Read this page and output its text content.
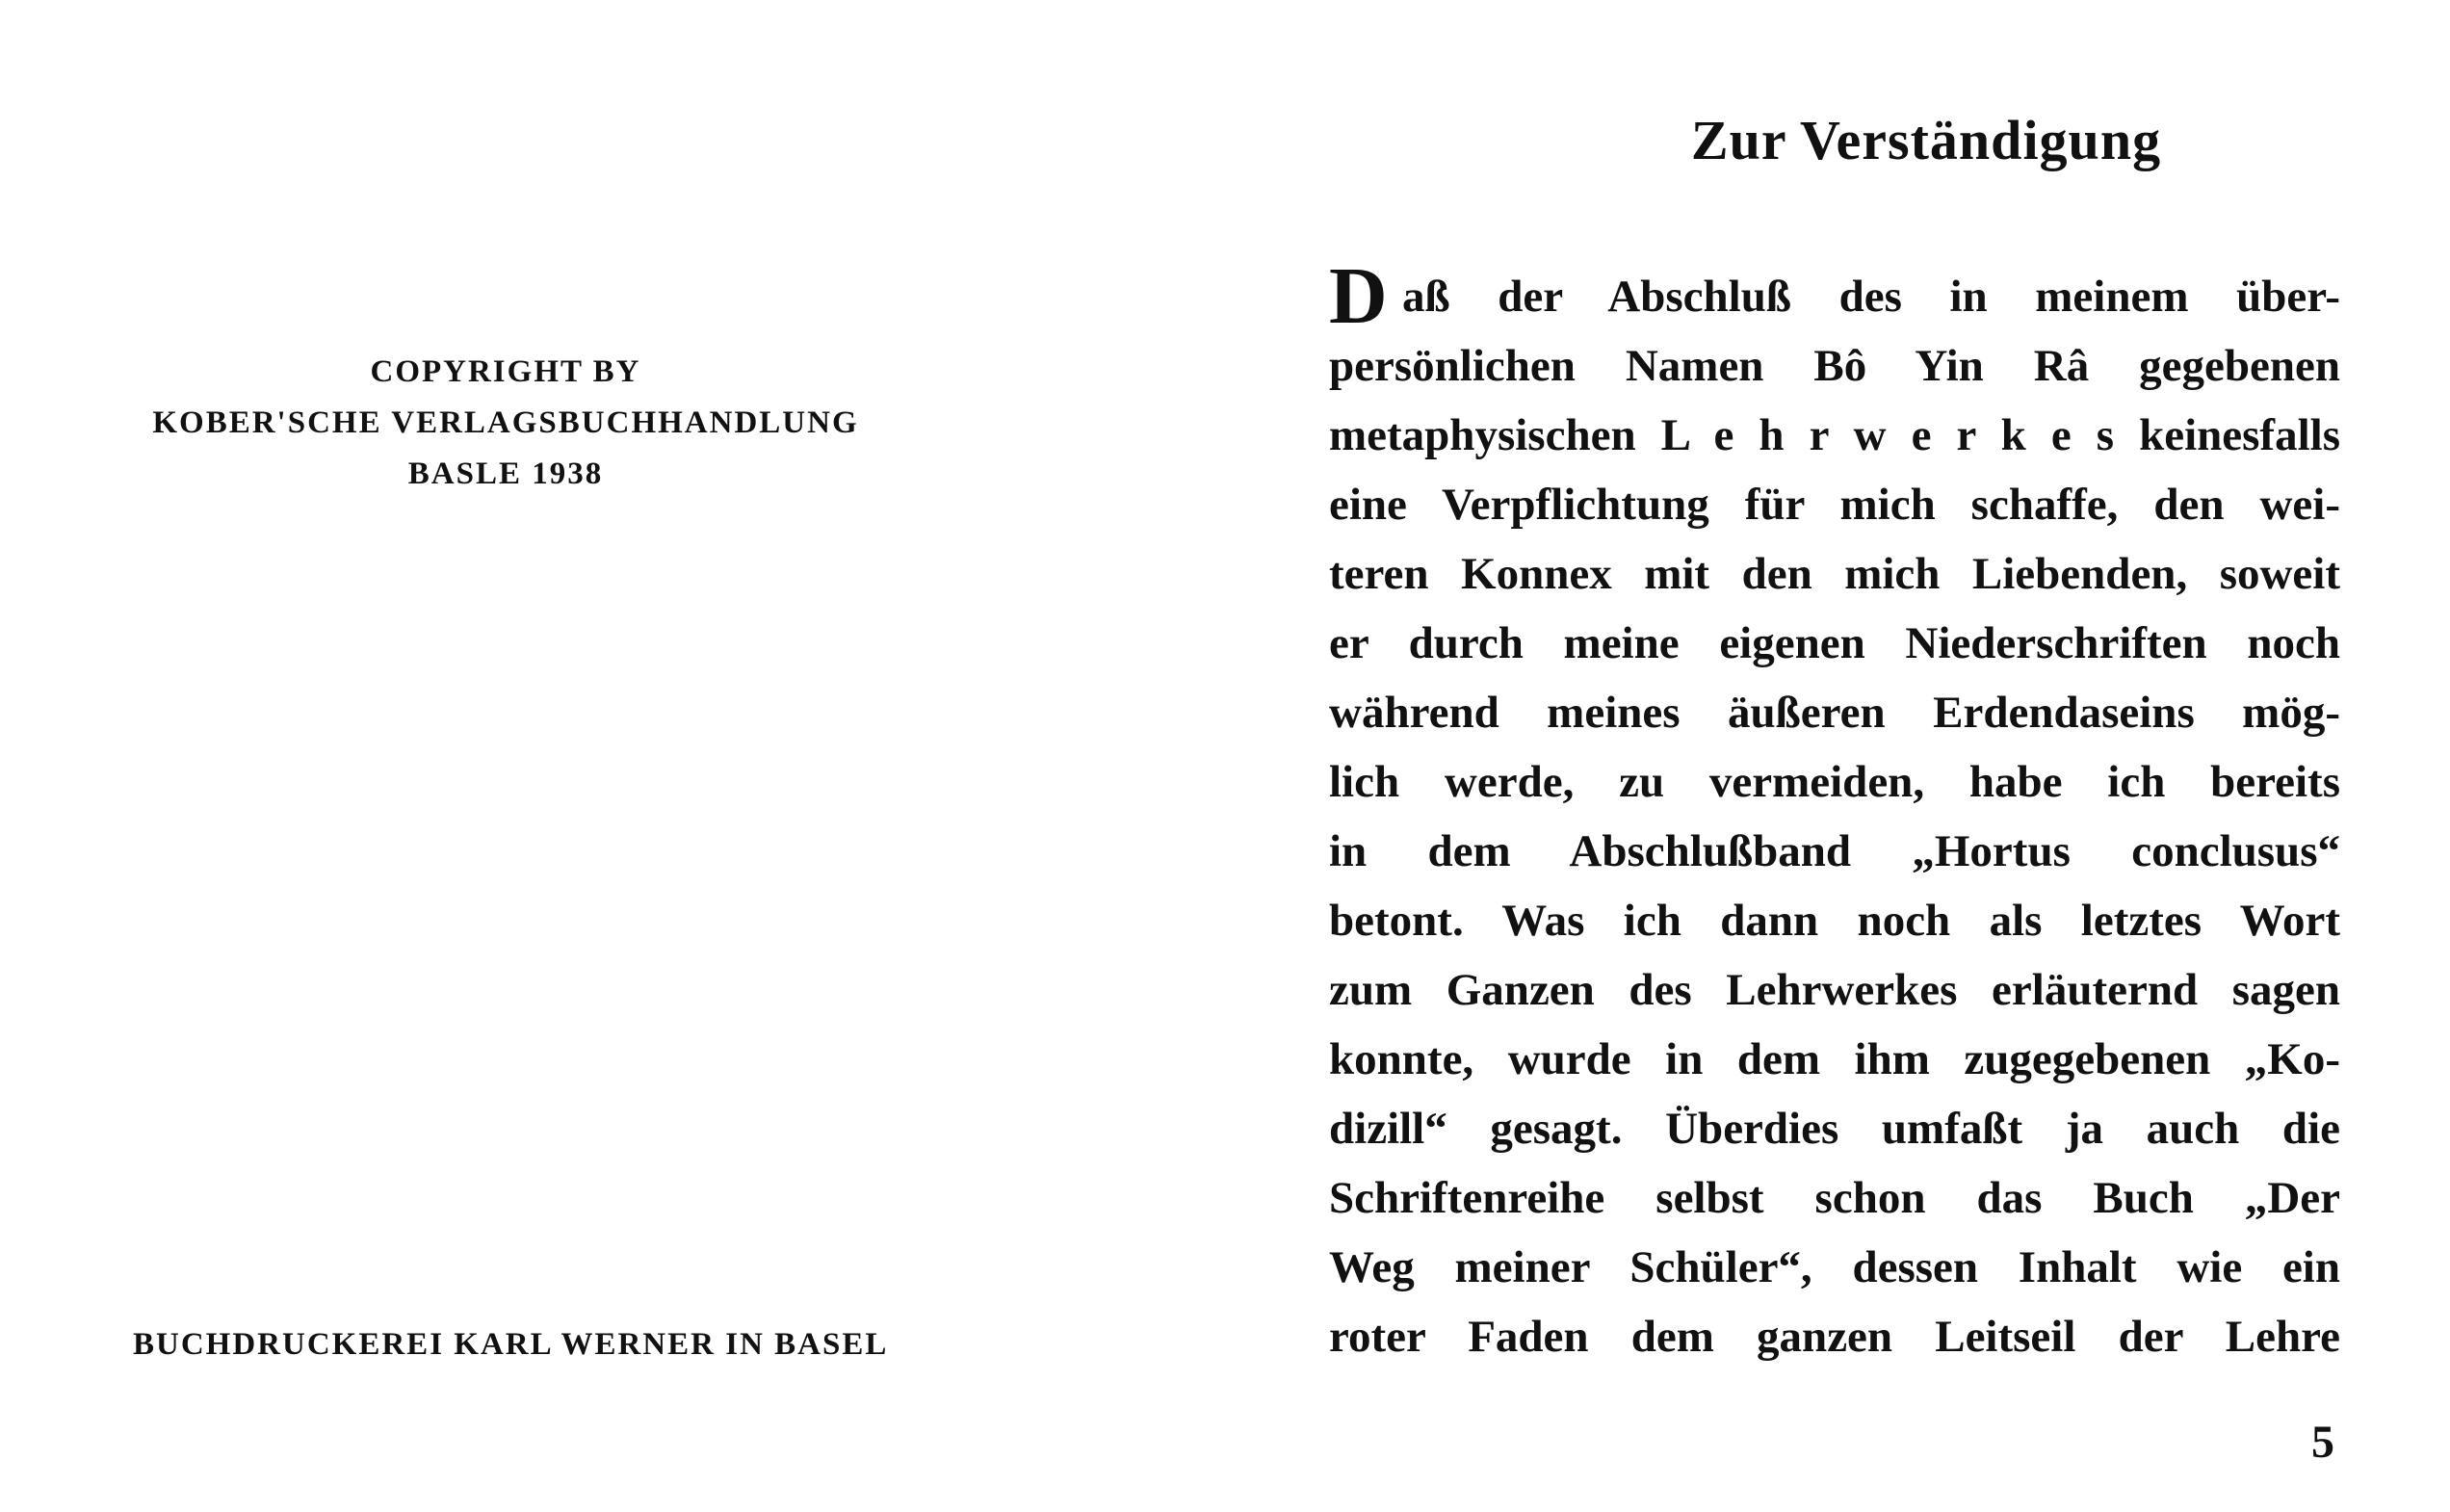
COPYRIGHT BY
KOBER'SCHE VERLAGSBUCHHANDLUNG
BASLE 1938
BUCHDRUCKEREI KARL WERNER IN BASEL
Zur Verständigung
D aß der Abschluß des in meinem über-
persönlichen Namen Bô Yin Râ gegebenen
metaphysischen L e h r w e r k e s keinesfalls
eine Verpflichtung für mich schaffe, den wei-
teren Konnex mit den mich Liebenden, soweit
er durch meine eigenen Niederschriften noch
während meines äußeren Erdendaseins mög-
lich werde, zu vermeiden, habe ich bereits
in dem Abschlußband „Hortus conclusus“
betont. Was ich dann noch als letztes Wort
zum Ganzen des Lehrwerkes erläuternd sagen
konnte, wurde in dem ihm zugegebenen „Ko-
dizill“ gesagt. Überdies umfaßt ja auch die
Schriftenreihe selbst schon das Buch „Der
Weg meiner Schüler“, dessen Inhalt wie ein
roter Faden dem ganzen Leitseil der Lehre
5
